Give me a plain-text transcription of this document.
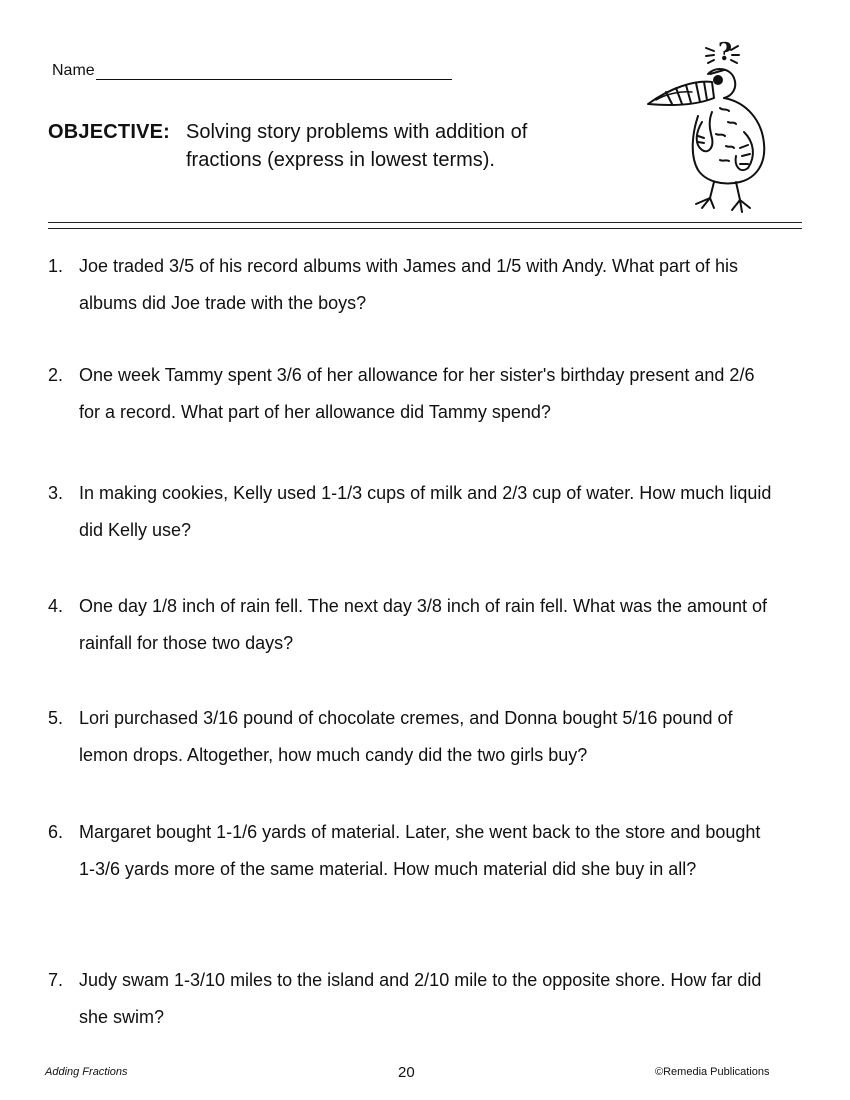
Name
OBJECTIVE: Solving story problems with addition of fractions (express in lowest terms).
?
1. Joe traded 3/5 of his record albums with James and 1/5 with Andy. What part of his albums did Joe trade with the boys?
2. One week Tammy spent 3/6 of her allowance for her sister's birthday present and 2/6 for a record. What part of her allowance did Tammy spend?
3. In making cookies, Kelly used 1-1/3 cups of milk and 2/3 cup of water. How much liquid did Kelly use?
4. One day 1/8 inch of rain fell. The next day 3/8 inch of rain fell. What was the amount of rainfall for those two days?
5. Lori purchased 3/16 pound of chocolate cremes, and Donna bought 5/16 pound of lemon drops. Altogether, how much candy did the two girls buy?
6. Margaret bought 1-1/6 yards of material. Later, she went back to the store and bought 1-3/6 yards more of the same material. How much material did she buy in all?
7. Judy swam 1-3/10 miles to the island and 2/10 mile to the opposite shore. How far did she swim?
Adding Fractions	20	©Remedia Publications
